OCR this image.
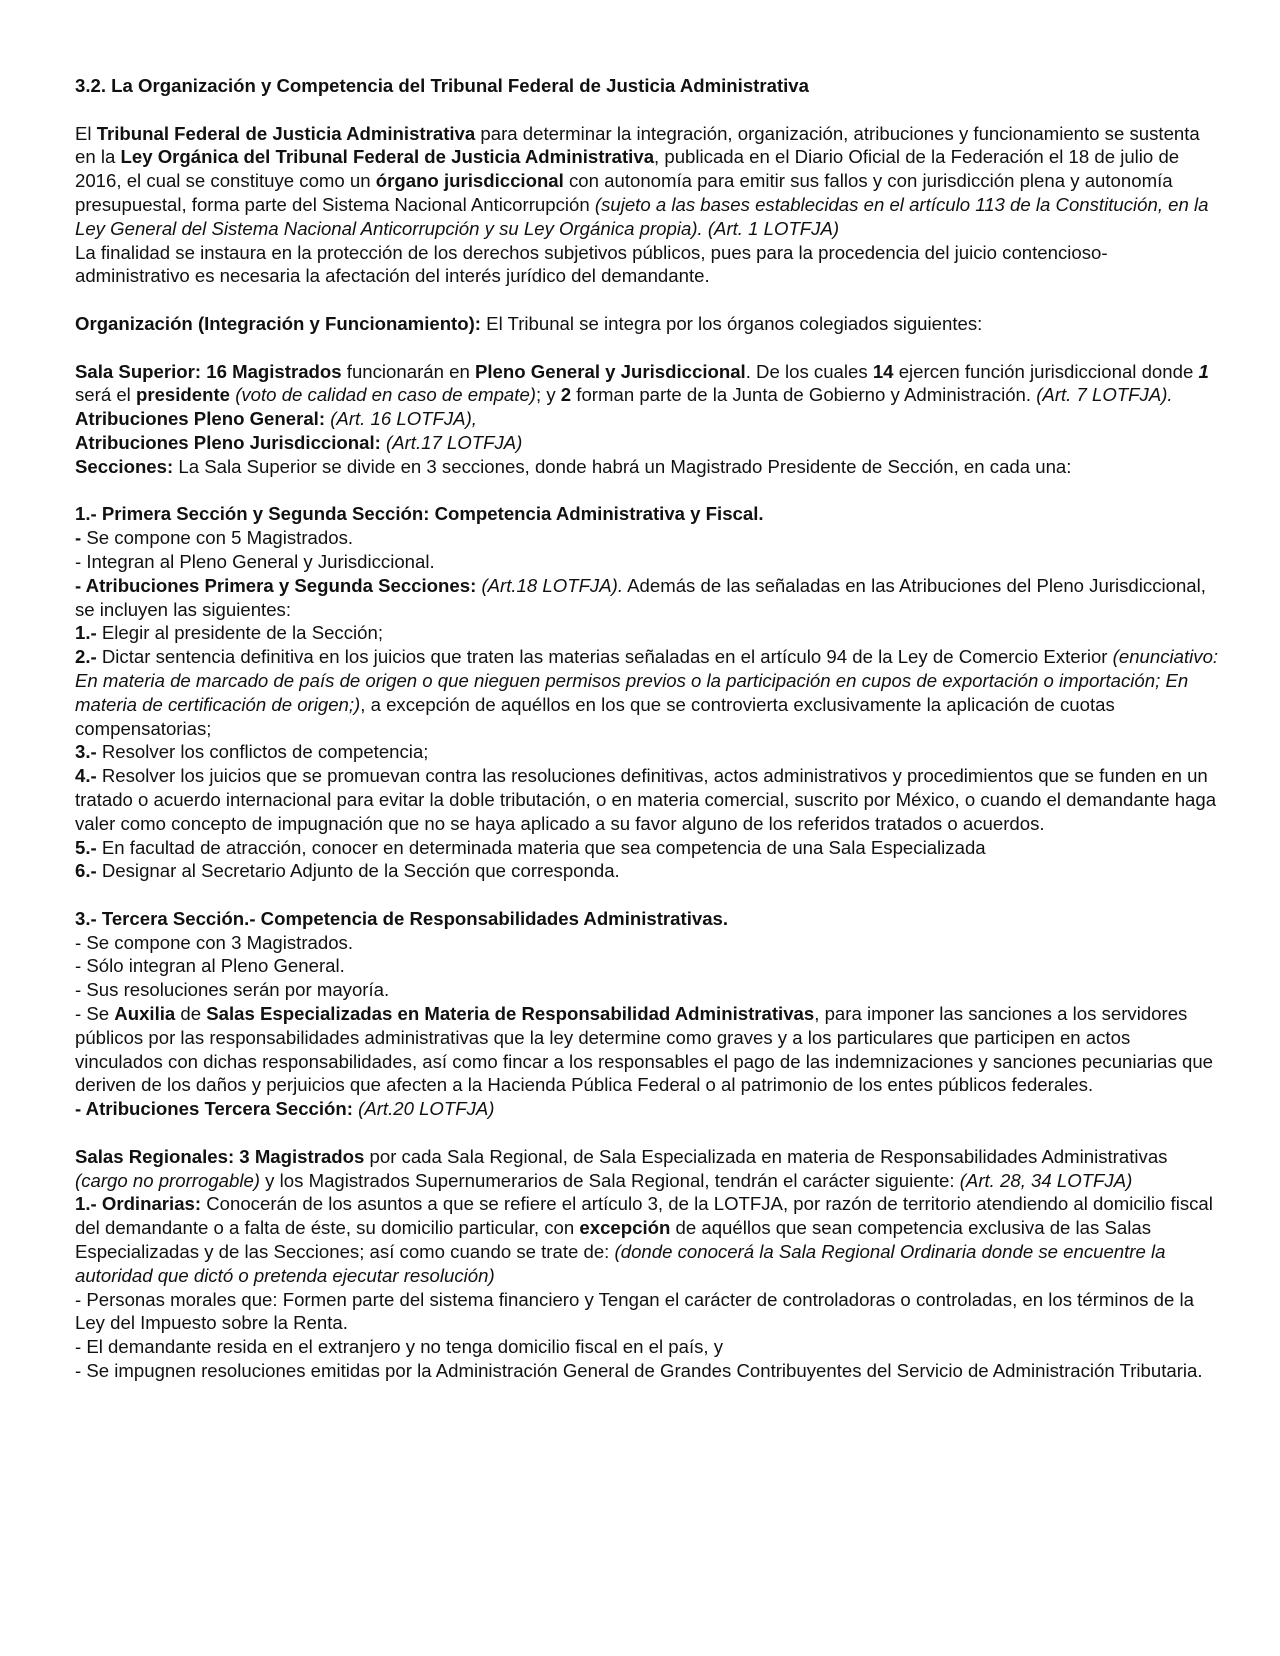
3.2. La Organización y Competencia del Tribunal Federal de Justicia Administrativa

El Tribunal Federal de Justicia Administrativa para determinar la integración, organización, atribuciones y funcionamiento se sustenta en la Ley Orgánica del Tribunal Federal de Justicia Administrativa, publicada en el Diario Oficial de la Federación el 18 de julio de 2016, el cual se constituye como un órgano jurisdiccional con autonomía para emitir sus fallos y con jurisdicción plena y autonomía presupuestal, forma parte del Sistema Nacional Anticorrupción (sujeto a las bases establecidas en el artículo 113 de la Constitución, en la Ley General del Sistema Nacional Anticorrupción y su Ley Orgánica propia). (Art. 1 LOTFJA)

La finalidad se instaura en la protección de los derechos subjetivos públicos, pues para la procedencia del juicio contencioso-administrativo es necesaria la afectación del interés jurídico del demandante.

Organización (Integración y Funcionamiento): El Tribunal se integra por los órganos colegiados siguientes:

Sala Superior: 16 Magistrados funcionarán en Pleno General y Jurisdiccional. De los cuales 14 ejercen función jurisdiccional donde 1 será el presidente (voto de calidad en caso de empate); y 2 forman parte de la Junta de Gobierno y Administración. (Art. 7 LOTFJA).

Atribuciones Pleno General: (Art. 16 LOTFJA),

Atribuciones Pleno Jurisdiccional: (Art.17 LOTFJA)

Secciones: La Sala Superior se divide en 3 secciones, donde habrá un Magistrado Presidente de Sección, en cada una:

1.- Primera Sección y Segunda Sección: Competencia Administrativa y Fiscal.

- Se compone con 5 Magistrados.

- Integran al Pleno General y Jurisdiccional.

- Atribuciones Primera y Segunda Secciones: (Art.18 LOTFJA). Además de las señaladas en las Atribuciones del Pleno Jurisdiccional, se incluyen las siguientes:

1.- Elegir al presidente de la Sección;

2.- Dictar sentencia definitiva en los juicios que traten las materias señaladas en el artículo 94 de la Ley de Comercio Exterior (enunciativo: En materia de marcado de país de origen o que nieguen permisos previos o la participación en cupos de exportación o importación; En materia de certificación de origen;), a excepción de aquéllos en los que se controvierta exclusivamente la aplicación de cuotas compensatorias;

3.- Resolver los conflictos de competencia;

4.- Resolver los juicios que se promuevan contra las resoluciones definitivas, actos administrativos y procedimientos que se funden en un tratado o acuerdo internacional para evitar la doble tributación, o en materia comercial, suscrito por México, o cuando el demandante haga valer como concepto de impugnación que no se haya aplicado a su favor alguno de los referidos tratados o acuerdos.

5.- En facultad de atracción, conocer en determinada materia que sea competencia de una Sala Especializada

6.- Designar al Secretario Adjunto de la Sección que corresponda.

3.- Tercera Sección.- Competencia de Responsabilidades Administrativas.

- Se compone con 3 Magistrados.

- Sólo integran al Pleno General.

- Sus resoluciones serán por mayoría.

- Se Auxilia de Salas Especializadas en Materia de Responsabilidad Administrativas, para imponer las sanciones a los servidores públicos por las responsabilidades administrativas que la ley determine como graves y a los particulares que participen en actos vinculados con dichas responsabilidades, así como fincar a los responsables el pago de las indemnizaciones y sanciones pecuniarias que deriven de los daños y perjuicios que afecten a la Hacienda Pública Federal o al patrimonio de los entes públicos federales.

- Atribuciones Tercera Sección: (Art.20 LOTFJA)

Salas Regionales: 3 Magistrados por cada Sala Regional, de Sala Especializada en materia de Responsabilidades Administrativas (cargo no prorrogable) y los Magistrados Supernumerarios de Sala Regional, tendrán el carácter siguiente: (Art. 28, 34 LOTFJA)

1.- Ordinarias: Conocerán de los asuntos a que se refiere el artículo 3, de la LOTFJA, por razón de territorio atendiendo al domicilio fiscal del demandante o a falta de éste, su domicilio particular, con excepción de aquéllos que sean competencia exclusiva de las Salas Especializadas y de las Secciones; así como cuando se trate de: (donde conocerá la Sala Regional Ordinaria donde se encuentre la autoridad que dictó o pretenda ejecutar resolución)

- Personas morales que: Formen parte del sistema financiero y Tengan el carácter de controladoras o controladas, en los términos de la Ley del Impuesto sobre la Renta.

- El demandante resida en el extranjero y no tenga domicilio fiscal en el país, y

- Se impugnen resoluciones emitidas por la Administración General de Grandes Contribuyentes del Servicio de Administración Tributaria.
